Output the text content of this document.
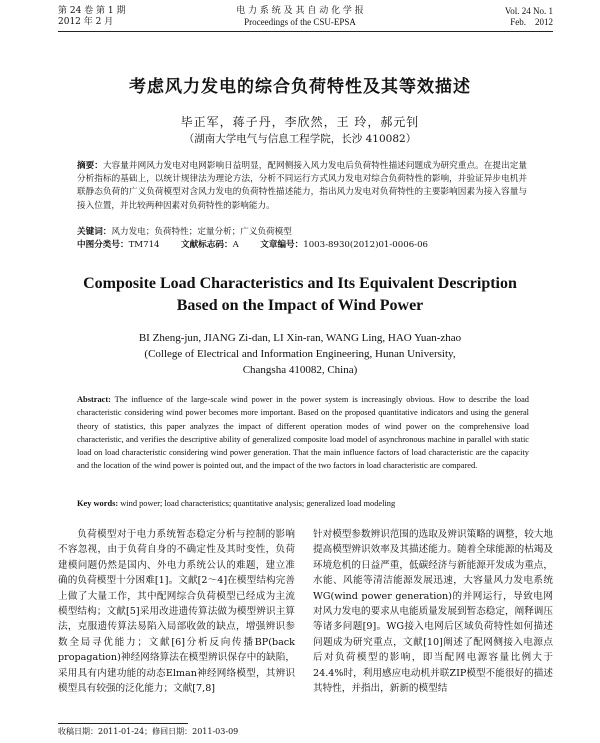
第 24 卷 第 1 期
2012 年 2 月
电 力 系 统 及 其 自 动 化 学 报
Proceedings of the CSU-EPSA
Vol. 24 No. 1
Feb.    2012
考虑风力发电的综合负荷特性及其等效描述
毕正军，蒋子丹，李欣然，王 玲，郝元钊
（湖南大学电气与信息工程学院，长沙 410082）
摘要：大容量并网风力发电对电网影响日益明显，配网侧接入风力发电后负荷特性描述问题成为研究重点。在提出定量分析指标的基础上，以统计规律法为理论方法，分析不同运行方式风力发电对综合负荷特性的影响，并验证异步电机并联静态负荷的广义负荷模型对含风力发电的负荷特性描述能力，指出风力发电对负荷特性的主要影响因素为接入容量与接入位置，并比较两种因素对负荷特性的影响能力。
关键词：风力发电；负荷特性；定量分析；广义负荷模型
中图分类号：TM714 文献标志码：A 文章编号：1003-8930(2012)01-0006-06
Composite Load Characteristics and Its Equivalent Description
Based on the Impact of Wind Power
BI Zheng-jun, JIANG Zi-dan, LI Xin-ran, WANG Ling, HAO Yuan-zhao
(College of Electrical and Information Engineering, Hunan University,
Changsha 410082, China)
Abstract: The influence of the large-scale wind power in the power system is increasingly obvious. How to describe the load characteristic considering wind power becomes more important. Based on the proposed quantitative indicators and using the general theory of statistics, this paper analyzes the impact of different operation modes of wind power on the comprehensive load characteristic, and verifies the descriptive ability of generalized composite load model of asynchronous machine in parallel with static load on load characteristic considering wind power generation. That the main influence factors of load characteristic are the capacity and the location of the wind power is pointed out, and the impact of the two factors in load characteristic are compared.
Key words: wind power; load characteristics; quantitative analysis; generalized load modeling
负荷模型对于电力系统暂态稳定分析与控制的影响不容忽视，由于负荷自身的不确定性及其时变性，负荷建模问题仍然是国内、外电力系统公认的难题，建立准确的负荷模型十分困难[1]。文献[2～4]在模型结构完善上做了大量工作，其中配网综合负荷模型已经成为主流模型结构；文献[5]采用改进遗传算法做为模型辨识主算法，克服遗传算法易陷入局部收敛的缺点，增强辨识参数全局寻优能力；文献[6]分析反向传播BP(back propagation)神经网络算法在模型辨识保存中的缺陷，采用具有内建功能的动态Elman神经网络模型，其辨识模型具有较强的泛化能力；文献[7,8]
针对模型参数辨识范围的选取及辨识策略的调整，较大地提高模型辨识效率及其描述能力。随着全球能源的枯竭及环境危机的日益严重，低碳经济与新能源开发成为重点，水能、风能等清洁能源发展迅速，大容量风力发电系统WG(wind power generation)的并网运行，导致电网对风力发电的要求从电能质量发展到暂态稳定，阐释调压等诸多问题[9]。WG接入电网后区域负荷特性如何描述问题成为研究重点，文献[10]阐述了配网侧接入电源点后对负荷模型的影响，即当配网电源容量比例大于24.4%时，利用感应电动机并联ZIP模型不能很好的描述其特性，并指出，新新的模型结
收稿日期：2011-01-24；修回日期：2011-03-09
